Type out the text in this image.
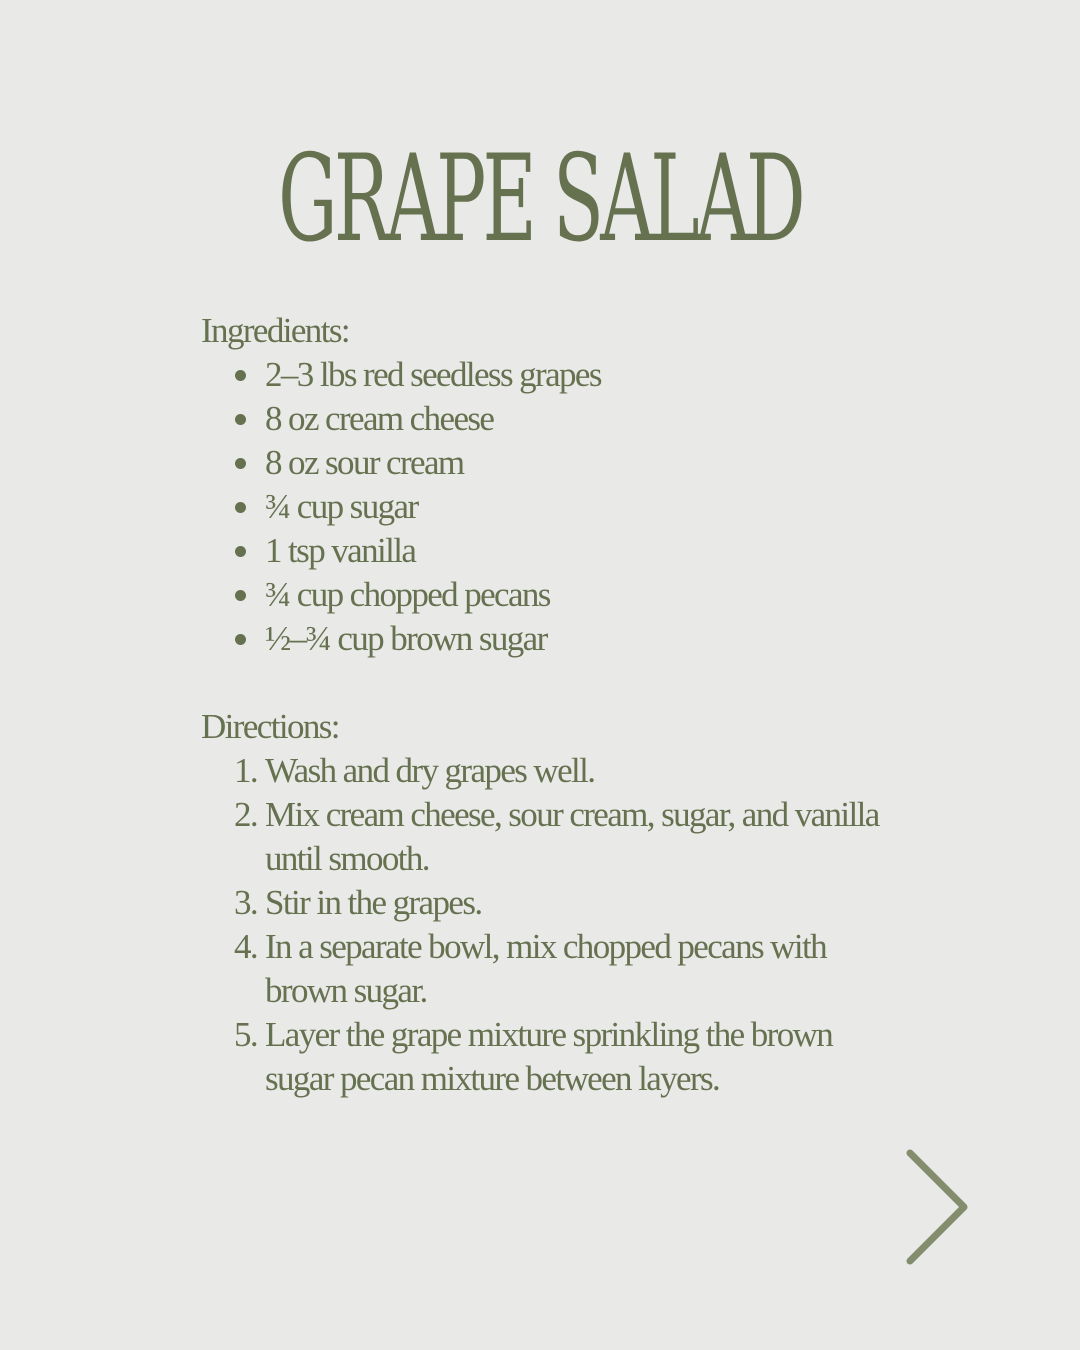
GRAPE SALAD
Ingredients:
2–3 lbs red seedless grapes
8 oz cream cheese
8 oz sour cream
¾ cup sugar
1 tsp vanilla
¾ cup chopped pecans
½–¾ cup brown sugar
Directions:
1. Wash and dry grapes well.
2. Mix cream cheese, sour cream, sugar, and vanilla until smooth.
3. Stir in the grapes.
4. In a separate bowl, mix chopped pecans with brown sugar.
5. Layer the grape mixture sprinkling the brown sugar pecan mixture between layers.
